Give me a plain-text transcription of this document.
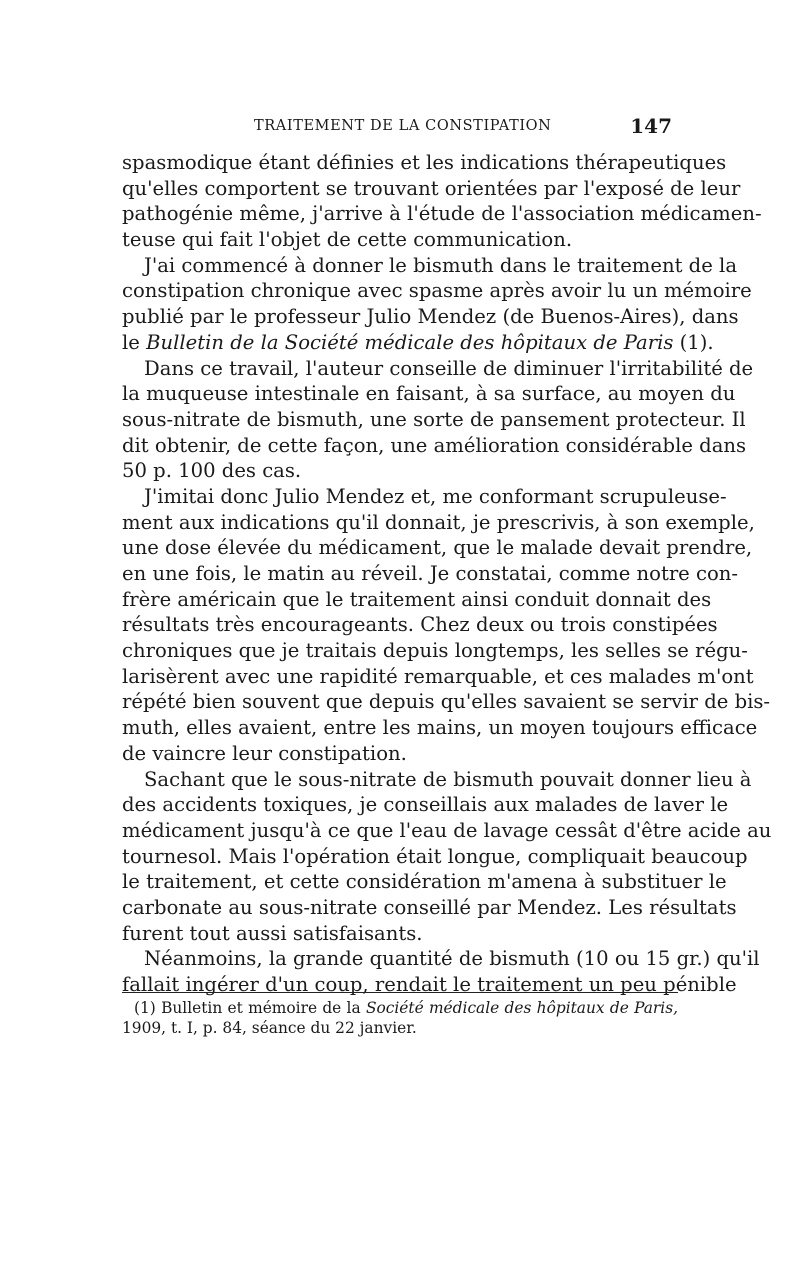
TRAITEMENT DE LA CONSTIPATION	147
spasmodique étant définies et les indications thérapeutiques
qu'elles comportent se trouvant orientées par l'exposé de leur
pathogénie même, j'arrive à l'étude de l'association médicamen-
teuse qui fait l'objet de cette communication.
J'ai commencé à donner le bismuth dans le traitement de la
constipation chronique avec spasme après avoir lu un mémoire
publié par le professeur Julio Mendez (de Buenos-Aires), dans
le Bulletin de la Société médicale des hôpitaux de Paris (1).
Dans ce travail, l'auteur conseille de diminuer l'irritabilité de
la muqueuse intestinale en faisant, à sa surface, au moyen du
sous-nitrate de bismuth, une sorte de pansement protecteur. Il
dit obtenir, de cette façon, une amélioration considérable dans
50 p. 100 des cas.
J'imitai donc Julio Mendez et, me conformant scrupuleuse-
ment aux indications qu'il donnait, je prescrivis, à son exemple,
une dose élevée du médicament, que le malade devait prendre,
en une fois, le matin au réveil. Je constatai, comme notre con-
frère américain que le traitement ainsi conduit donnait des
résultats très encourageants. Chez deux ou trois constipées
chroniques que je traitais depuis longtemps, les selles se régu-
larisèrent avec une rapidité remarquable, et ces malades m'ont
répété bien souvent que depuis qu'elles savaient se servir de bis-
muth, elles avaient, entre les mains, un moyen toujours efficace
de vaincre leur constipation.
Sachant que le sous-nitrate de bismuth pouvait donner lieu à
des accidents toxiques, je conseillais aux malades de laver le
médicament jusqu'à ce que l'eau de lavage cessât d'être acide au
tournesol. Mais l'opération était longue, compliquait beaucoup
le traitement, et cette considération m'amena à substituer le
carbonate au sous-nitrate conseillé par Mendez. Les résultats
furent tout aussi satisfaisants.
Néanmoins, la grande quantité de bismuth (10 ou 15 gr.) qu'il
fallait ingérer d'un coup, rendait le traitement un peu pénible
(1) Bulletin et mémoire de la Société médicale des hôpitaux de Paris,
1909, t. I, p. 84, séance du 22 janvier.
